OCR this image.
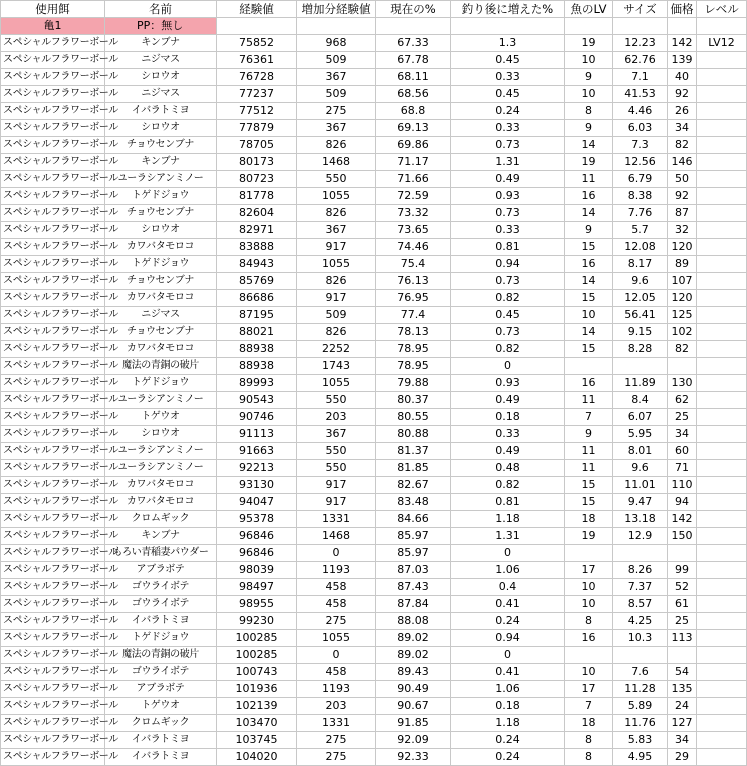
使用餌	名前	経験値	増加分経験値	現在の%	釣り後に増えた%	魚のLV	サイズ	価格	レベル
亀1	PP：無し								
スペシャルフラワーボール	キンブナ	75852	968	67.33	1.3	19	12.23	142	LV12
スペシャルフラワーボール	ニジマス	76361	509	67.78	0.45	10	62.76	139	
スペシャルフラワーボール	シロウオ	76728	367	68.11	0.33	9	7.1	40	
スペシャルフラワーボール	ニジマス	77237	509	68.56	0.45	10	41.53	92	
スペシャルフラワーボール	イバラトミヨ	77512	275	68.8	0.24	8	4.46	26	
スペシャルフラワーボール	シロウオ	77879	367	69.13	0.33	9	6.03	34	
スペシャルフラワーボール	チョウセンブナ	78705	826	69.86	0.73	14	7.3	82	
スペシャルフラワーボール	キンブナ	80173	1468	71.17	1.31	19	12.56	146	
スペシャルフラワーボール	ユーラシアンミノー	80723	550	71.66	0.49	11	6.79	50	
スペシャルフラワーボール	トゲドジョウ	81778	1055	72.59	0.93	16	8.38	92	
スペシャルフラワーボール	チョウセンブナ	82604	826	73.32	0.73	14	7.76	87	
スペシャルフラワーボール	シロウオ	82971	367	73.65	0.33	9	5.7	32	
スペシャルフラワーボール	カワバタモロコ	83888	917	74.46	0.81	15	12.08	120	
スペシャルフラワーボール	トゲドジョウ	84943	1055	75.4	0.94	16	8.17	89	
スペシャルフラワーボール	チョウセンブナ	85769	826	76.13	0.73	14	9.6	107	
スペシャルフラワーボール	カワバタモロコ	86686	917	76.95	0.82	15	12.05	120	
スペシャルフラワーボール	ニジマス	87195	509	77.4	0.45	10	56.41	125	
スペシャルフラワーボール	チョウセンブナ	88021	826	78.13	0.73	14	9.15	102	
スペシャルフラワーボール	カワバタモロコ	88938	2252	78.95	0.82	15	8.28	82	
スペシャルフラワーボール	魔法の青銅の破片	88938	1743	78.95	0				
スペシャルフラワーボール	トゲドジョウ	89993	1055	79.88	0.93	16	11.89	130	
スペシャルフラワーボール	ユーラシアンミノー	90543	550	80.37	0.49	11	8.4	62	
スペシャルフラワーボール	トゲウオ	90746	203	80.55	0.18	7	6.07	25	
スペシャルフラワーボール	シロウオ	91113	367	80.88	0.33	9	5.95	34	
スペシャルフラワーボール	ユーラシアンミノー	91663	550	81.37	0.49	11	8.01	60	
スペシャルフラワーボール	ユーラシアンミノー	92213	550	81.85	0.48	11	9.6	71	
スペシャルフラワーボール	カワバタモロコ	93130	917	82.67	0.82	15	11.01	110	
スペシャルフラワーボール	カワバタモロコ	94047	917	83.48	0.81	15	9.47	94	
スペシャルフラワーボール	クロムギック	95378	1331	84.66	1.18	18	13.18	142	
スペシャルフラワーボール	キンブナ	96846	1468	85.97	1.31	19	12.9	150	
スペシャルフラワーボール	もろい青稲妻パウダー	96846	0	85.97	0				
スペシャルフラワーボール	アブラボテ	98039	1193	87.03	1.06	17	8.26	99	
スペシャルフラワーボール	ゴウライボテ	98497	458	87.43	0.4	10	7.37	52	
スペシャルフラワーボール	ゴウライボテ	98955	458	87.84	0.41	10	8.57	61	
スペシャルフラワーボール	イバラトミヨ	99230	275	88.08	0.24	8	4.25	25	
スペシャルフラワーボール	トゲドジョウ	100285	1055	89.02	0.94	16	10.3	113	
スペシャルフラワーボール	魔法の青銅の破片	100285	0	89.02	0				
スペシャルフラワーボール	ゴウライボテ	100743	458	89.43	0.41	10	7.6	54	
スペシャルフラワーボール	アブラボテ	101936	1193	90.49	1.06	17	11.28	135	
スペシャルフラワーボール	トゲウオ	102139	203	90.67	0.18	7	5.89	24	
スペシャルフラワーボール	クロムギック	103470	1331	91.85	1.18	18	11.76	127	
スペシャルフラワーボール	イバラトミヨ	103745	275	92.09	0.24	8	5.83	34	
スペシャルフラワーボール	イバラトミヨ	104020	275	92.33	0.24	8	4.95	29	
